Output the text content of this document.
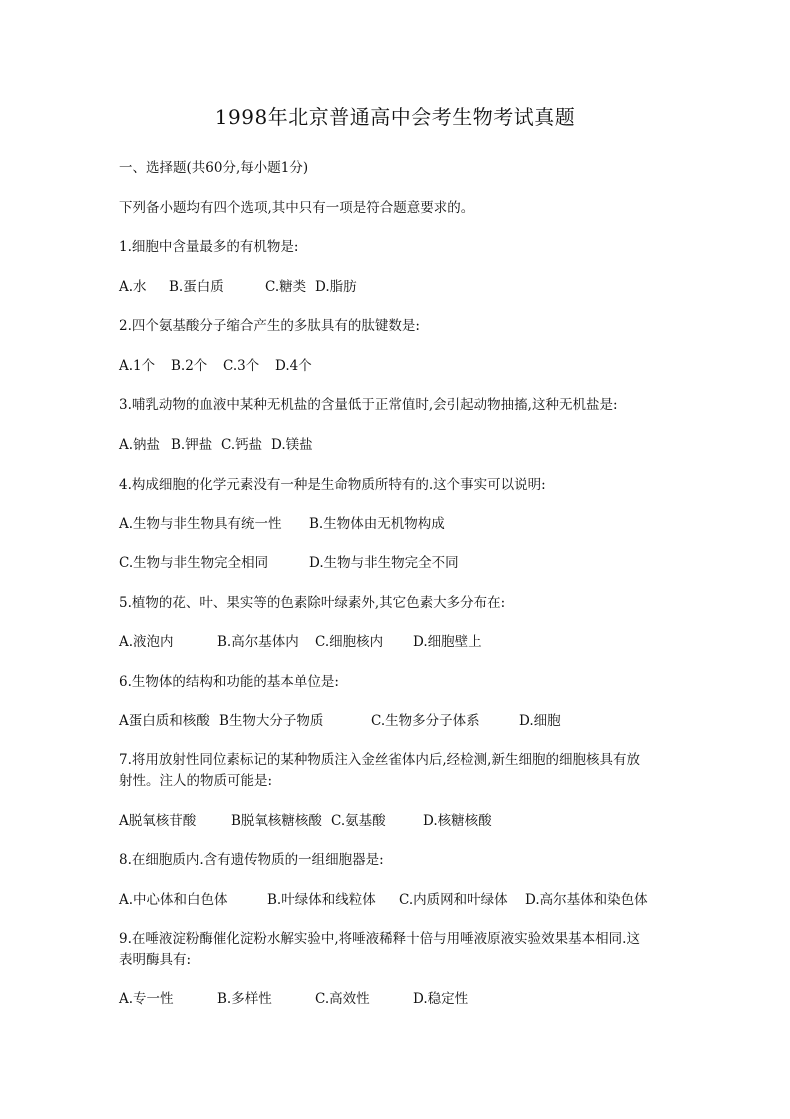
1998年北京普通高中会考生物考试真题
一、选择题(共60分,每小题1分)
下列备小题均有四个选项,其中只有一项是符合题意要求的。
1.细胞中含量最多的有机物是:
A.水 B.蛋白质	C.糖类 D.脂肪
2.四个氨基酸分子缩合产生的多肽具有的肽键数是:
A.1个 B.2个 C.3个 D.4个
3.哺乳动物的血液中某种无机盐的含量低于正常值时,会引起动物抽搐,这种无机盐是:
A.钠盐 B.钾盐 C.钙盐 D.镁盐
4.构成细胞的化学元素没有一种是生命物质所特有的.这个事实可以说明:
A.生物与非生物具有统一性 B.生物体由无机物构成
C.生物与非生物完全相同	D.生物与非生物完全不同
5.植物的花、叶、果实等的色素除叶绿素外,其它色素大多分布在:
A.液泡内	B.高尔基体内 C.细胞核内 D.细胞壁上
6.生物体的结构和功能的基本单位是:
A蛋白质和核酸 B生物大分子物质	C.生物多分子体系	D.细胞
7.将用放射性同位素标记的某种物质注入金丝雀体内后,经检测,新生细胞的细胞核具有放
射性。注人的物质可能是:
A脱氧核苷酸	B脱氧核糖核酸 C.氨基酸	D.核糖核酸
8.在细胞质内.含有遗传物质的一组细胞器是:
A.中心体和白色体	B.叶绿体和线粒体 C.内质网和叶绿体 D.高尔基体和染色体
9.在唾液淀粉酶催化淀粉水解实验中,将唾液稀释十倍与用唾液原液实验效果基本相同.这
表明酶具有:
A.专一性	B.多样性	C.高效性	D.稳定性
